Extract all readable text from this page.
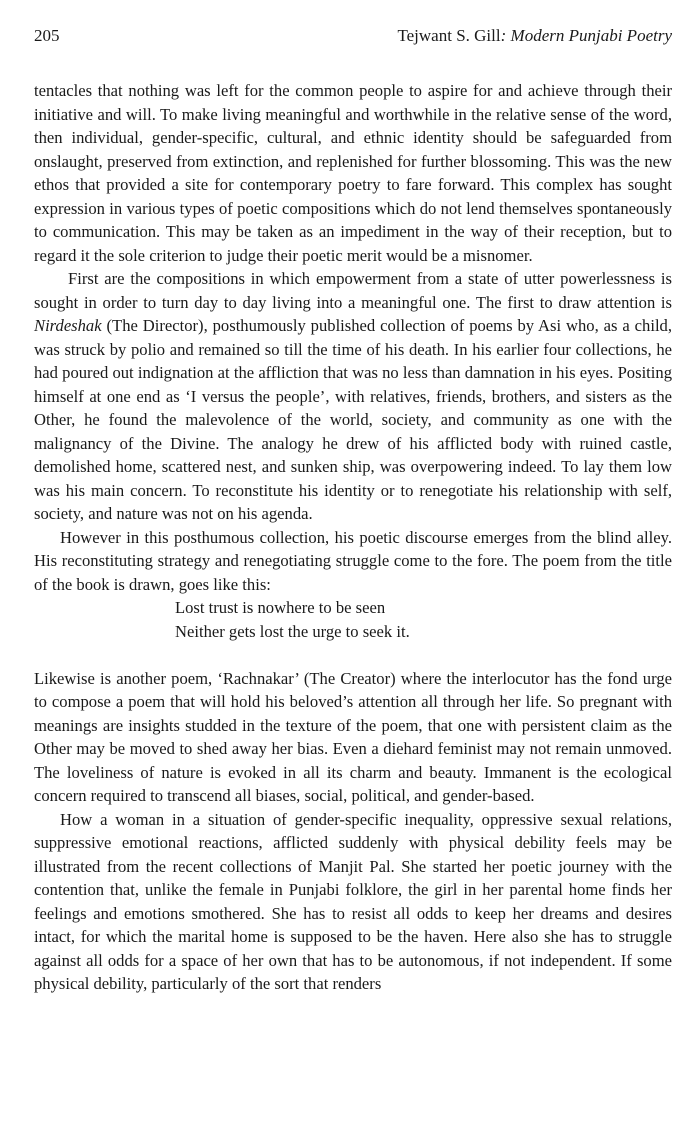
205	Tejwant S. Gill: Modern Punjabi Poetry

tentacles that nothing was left for the common people to aspire for and achieve through their initiative and will. To make living meaningful and worthwhile in the relative sense of the word, then individual, gender-specific, cultural, and ethnic identity should be safeguarded from onslaught, preserved from extinction, and replenished for further blossoming. This was the new ethos that provided a site for contemporary poetry to fare forward. This complex has sought expression in various types of poetic compositions which do not lend themselves spontaneously to communication. This may be taken as an impediment in the way of their reception, but to regard it the sole criterion to judge their poetic merit would be a misnomer.

First are the compositions in which empowerment from a state of utter powerlessness is sought in order to turn day to day living into a meaningful one. The first to draw attention is Nirdeshak (The Director), posthumously published collection of poems by Asi who, as a child, was struck by polio and remained so till the time of his death. In his earlier four collections, he had poured out indignation at the affliction that was no less than damnation in his eyes. Positing himself at one end as ‘I versus the people’, with relatives, friends, brothers, and sisters as the Other, he found the malevolence of the world, society, and community as one with the malignancy of the Divine. The analogy he drew of his afflicted body with ruined castle, demolished home, scattered nest, and sunken ship, was overpowering indeed. To lay them low was his main concern. To reconstitute his identity or to renegotiate his relationship with self, society, and nature was not on his agenda.

However in this posthumous collection, his poetic discourse emerges from the blind alley. His reconstituting strategy and renegotiating struggle come to the fore. The poem from the title of the book is drawn, goes like this:

Lost trust is nowhere to be seen
Neither gets lost the urge to seek it.

Likewise is another poem, ‘Rachnakar’ (The Creator) where the interlocutor has the fond urge to compose a poem that will hold his beloved’s attention all through her life. So pregnant with meanings are insights studded in the texture of the poem, that one with persistent claim as the Other may be moved to shed away her bias. Even a diehard feminist may not remain unmoved. The loveliness of nature is evoked in all its charm and beauty. Immanent is the ecological concern required to transcend all biases, social, political, and gender-based.

How a woman in a situation of gender-specific inequality, oppressive sexual relations, suppressive emotional reactions, afflicted suddenly with physical debility feels may be illustrated from the recent collections of Manjit Pal. She started her poetic journey with the contention that, unlike the female in Punjabi folklore, the girl in her parental home finds her feelings and emotions smothered. She has to resist all odds to keep her dreams and desires intact, for which the marital home is supposed to be the haven. Here also she has to struggle against all odds for a space of her own that has to be autonomous, if not independent. If some physical debility, particularly of the sort that renders
